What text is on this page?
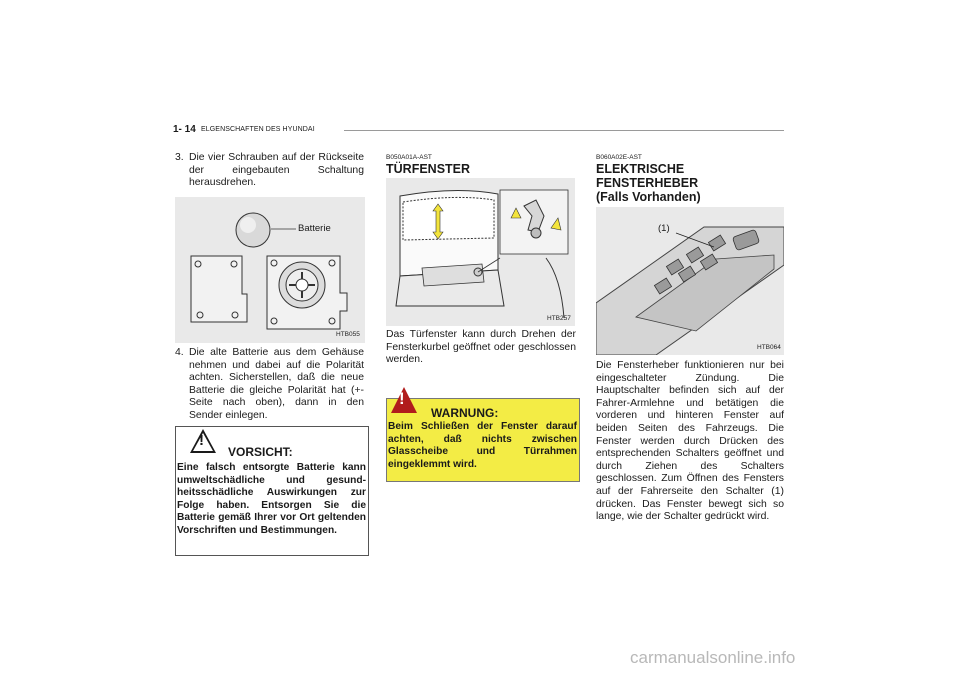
1- 14 ELGENSCHAFTEN DES HYUNDAI
3. Die vier Schrauben auf der Rückseite der eingebauten Schaltung herausdrehen.
HTB055
Batterie
4. Die alte Batterie aus dem Gehäuse nehmen und dabei auf die Polarität achten. Sicherstellen, daß die neue Batterie die gleiche Polarität hat (+-Seite nach oben), dann in den Sender einlegen.
!
VORSICHT:
Eine falsch entsorgte Batterie kann umweltschädliche und gesund-heitsschädliche Auswirkungen zur Folge haben. Entsorgen Sie die Batterie gemäß Ihrer vor Ort geltenden Vorschriften und Bestimmungen.
B050A01A-AST
TÜRFENSTER
HTB257
Das Türfenster kann durch Drehen der Fensterkurbel geöffnet oder geschlossen werden.
!
WARNUNG:
Beim Schließen der Fenster darauf achten, daß nichts zwischen Glasscheibe und Türrahmen eingeklemmt wird.
B060A02E-AST
ELEKTRISCHE
FENSTERHEBER
(Falls Vorhanden)
(1)
HTB064
Die Fensterheber funktionieren nur bei eingeschalteter Zündung. Die Hauptschalter befinden sich auf der Fahrer-Armlehne und betätigen die vorderen und hinteren Fenster auf beiden Seiten des Fahrzeugs. Die Fenster werden durch Drücken des entsprechenden Schalters geöffnet und durch Ziehen des Schalters geschlossen. Zum Öffnen des Fensters auf der Fahrerseite den Schalter (1) drücken. Das Fenster bewegt sich so lange, wie der Schalter gedrückt wird.
carmanualsonline.info
